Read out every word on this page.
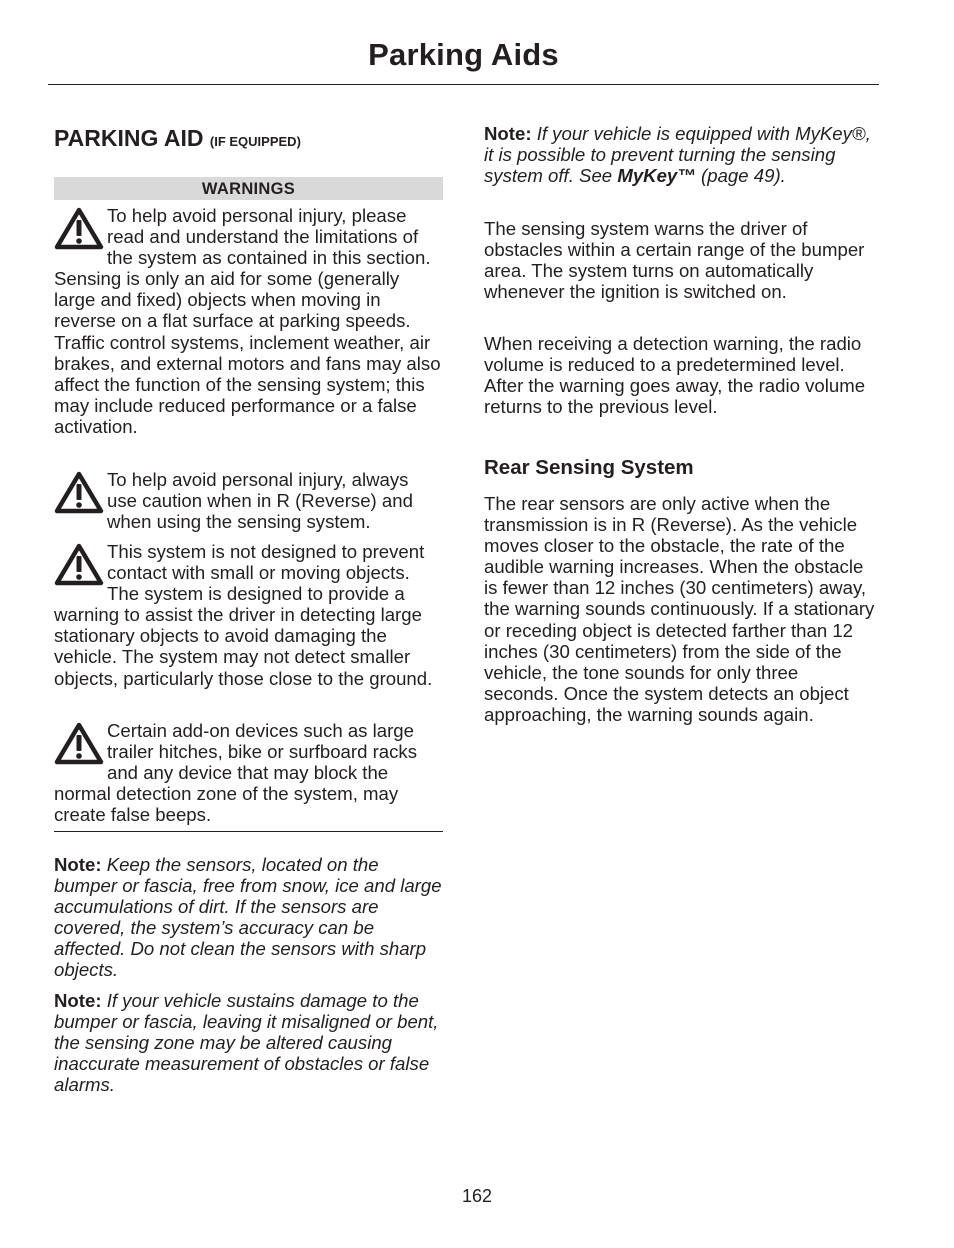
Parking Aids
PARKING AID (IF EQUIPPED)
WARNINGS

To help avoid personal injury, please read and understand the limitations of the system as contained in this section. Sensing is only an aid for some (generally large and fixed) objects when moving in reverse on a flat surface at parking speeds. Traffic control systems, inclement weather, air brakes, and external motors and fans may also affect the function of the sensing system; this may include reduced performance or a false activation.

To help avoid personal injury, always use caution when in R (Reverse) and when using the sensing system.

This system is not designed to prevent contact with small or moving objects. The system is designed to provide a warning to assist the driver in detecting large stationary objects to avoid damaging the vehicle. The system may not detect smaller objects, particularly those close to the ground.

Certain add-on devices such as large trailer hitches, bike or surfboard racks and any device that may block the normal detection zone of the system, may create false beeps.

Note: Keep the sensors, located on the bumper or fascia, free from snow, ice and large accumulations of dirt. If the sensors are covered, the system’s accuracy can be affected. Do not clean the sensors with sharp objects.

Note: If your vehicle sustains damage to the bumper or fascia, leaving it misaligned or bent, the sensing zone may be altered causing inaccurate measurement of obstacles or false alarms.

Note: If your vehicle is equipped with MyKey®, it is possible to prevent turning the sensing system off. See MyKey™ (page 49).

The sensing system warns the driver of obstacles within a certain range of the bumper area. The system turns on automatically whenever the ignition is switched on.

When receiving a detection warning, the radio volume is reduced to a predetermined level. After the warning goes away, the radio volume returns to the previous level.

Rear Sensing System

The rear sensors are only active when the transmission is in R (Reverse). As the vehicle moves closer to the obstacle, the rate of the audible warning increases. When the obstacle is fewer than 12 inches (30 centimeters) away, the warning sounds continuously. If a stationary or receding object is detected farther than 12 inches (30 centimeters) from the side of the vehicle, the tone sounds for only three seconds. Once the system detects an object approaching, the warning sounds again.

162
